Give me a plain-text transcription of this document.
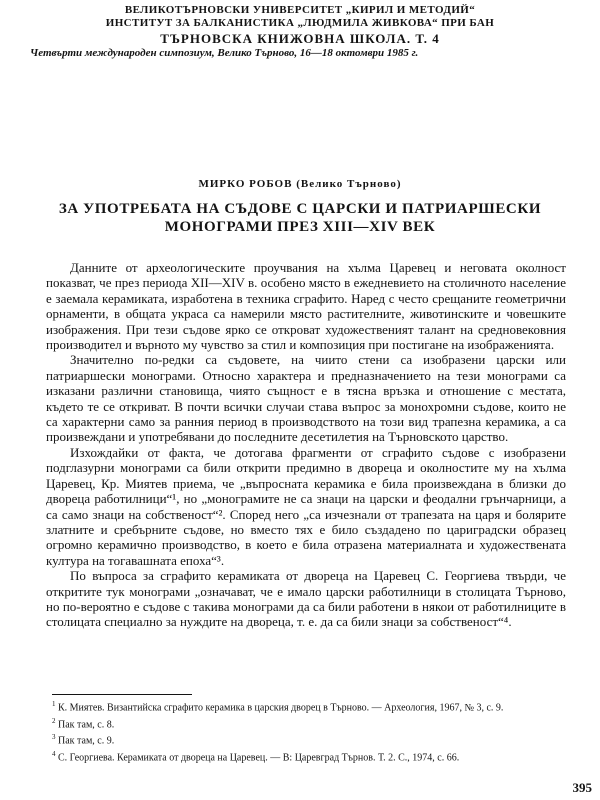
ВЕЛИКОТЪРНОВСКИ УНИВЕРСИТЕТ „КИРИЛ И МЕТОДИЙ“
ИНСТИТУТ ЗА БАЛКАНИСТИКА „ЛЮДМИЛА ЖИВКОВА“ ПРИ БАН
ТЪРНОВСКА КНИЖОВНА ШКОЛА. Т. 4
Четвърти международен симпозиум, Велико Търново, 16—18 октомври 1985 г.
МИРКО РОБОВ (Велико Търново)
ЗА УПОТРЕБАТА НА СЪДОВЕ С ЦАРСКИ И ПАТРИАРШЕСКИ
МОНОГРАМИ ПРЕЗ XIII—XIV ВЕК

Данните от археологическите проучвания на хълма Царевец и неговата околност показват, че през периода XII—XIV в. особено място в ежедневието на столичното население е заемала керамиката, изработена в техника сграфито. Наред с често срещаните геометрични орнаменти, в общата украса са намерили място растителните, животинските и човешките изображения. При тези съдове ярко се откроват художественият талант на средновековния производител и върното му чувство за стил и композиция при постигане на изображенията.

Значително по-редки са съдовете, на чиито стени са изобразени царски или патриаршески монограми. Относно характера и предназначението на тези монограми са изказани различни становища, чиято същност е в тясна връзка и отношение с местата, където те се откриват. В почти всички случаи става въпрос за монохромни съдове, които не са характерни само за ранния период в производството на този вид трапезна керамика, а са произвеждани и употребявани до последните десетилетия на Търновското царство.

Изхождайки от факта, че дотогава фрагменти от сграфито съдове с изобразени подглазурни монограми са били открити предимно в дворецa и околностите му на хълма Царевец, Кр. Миятев приема, че „въпросната керамика е била произвеждана в близки до двореца работилници“¹, но „монограмите не са знаци на царски и феодални грънчарници, а са само знаци на собственост“². Според него „са изчезнали от трапезата на царя и болярите златните и сребърните съдове, но вместо тях е било създадено по цариградски образец огромно керамично производство, в което е била отразена материалната и художествената култура на тогавашната епоха“³.

По въпроса за сграфито керамиката от двореца на Царевец С. Георгиева твърди, че откритите тук монограми „означават, че е имало царски работилници в столицата Търново, но по-вероятно е съдове с такива монограми да са били работени в някои от работилниците в столицата специално за нуждите на двореца, т. е. да са били знаци за собственост“⁴.

$^1$ К. Миятев. Византийска сграфито керамика в царския дворец в Търново. — Археология, 1967, № 3, с. 9.
$^2$ Пак там, с. 8.
$^3$ Пак там, с. 9.
$^4$ С. Георгиева. Керамиката от двореца на Царевец. — В: Царевград Търнов. Т. 2. С., 1974, с. 66.
395
